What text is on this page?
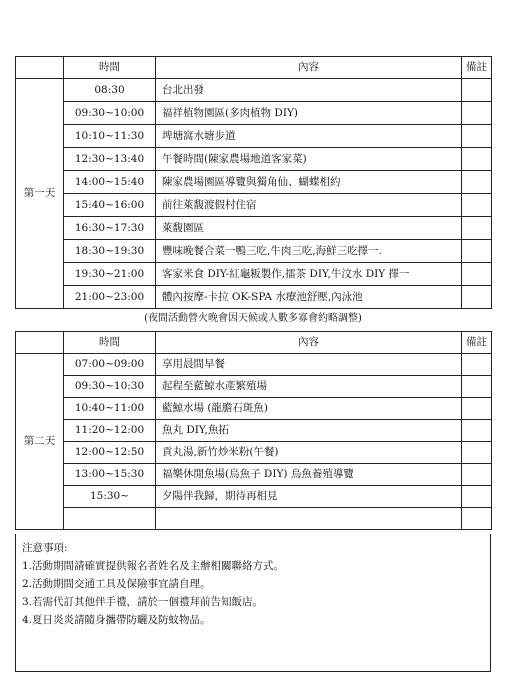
	時間	內容	備註
第一天	08:30	台北出發	
	09:30~10:00	福祥植物園區(多肉植物 DIY)	
	10:10~11:30	埤塘窩水塘步道	
	12:30~13:40	午餐時間(陳家農場地道客家菜)	
	14:00~15:40	陳家農場園區導覽與獨角仙、蝴蝶相約	
	15:40~16:00	前往萊馥渡假村住宿	
	16:30~17:30	萊馥園區	
	18:30~19:30	豐味晚餐合菜一鴨三吃,牛肉三吃,海鮮三吃擇一.	
	19:30~21:00	客家米食 DIY-紅龜粄製作,擂茶 DIY,牛汶水 DIY 擇一	
	21:00~23:00	體內按摩-卡拉 OK-SPA 水療池舒壓,內泳池	
(夜間活動營火晚會因天候或人數多寡會約略調整)
	時間	內容	備註
第二天	07:00~09:00	享用晨間早餐	
	09:30~10:30	起程至藍鯨水產繁殖場	
	10:40~11:00	藍鯨水場 (龍膽石斑魚)	
	11:20~12:00	魚丸 DIY,魚拓	
	12:00~12:50	貢丸湯,新竹炒米粉(午餐)	
	13:00~15:30	福樂休閒魚場(烏魚子 DIY) 烏魚養殖導覽	
	15:30~	夕陽伴我歸，期待再相見	

注意事項:
1.活動期間請確實提供報名者姓名及主辦相關聯絡方式。
2.活動期間交通工具及保險事宜請自理。
3.若需代訂其他伴手禮，請於一個禮拜前告知飯店。
4.夏日炎炎請隨身攜帶防曬及防蚊物品。
